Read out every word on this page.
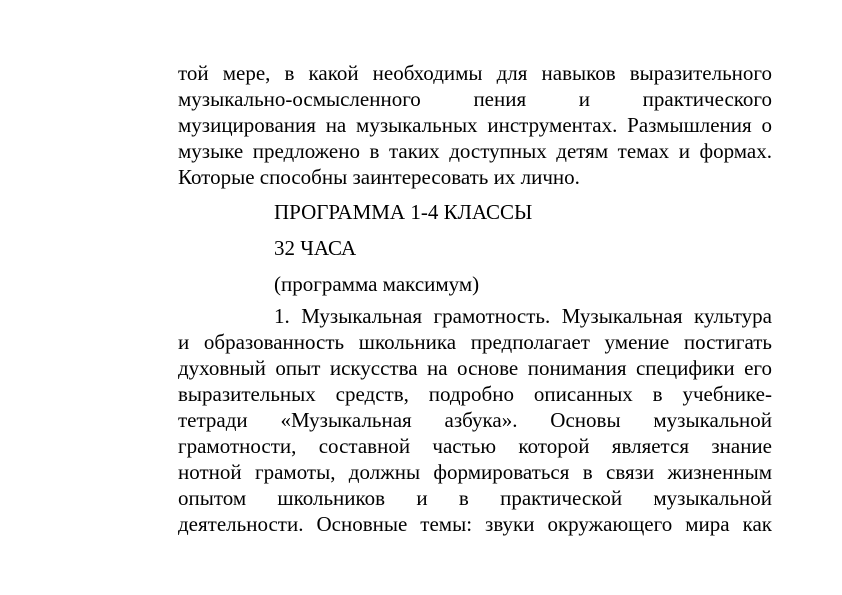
той мере, в какой необходимы для навыков выразительного
музыкально-осмысленного пения и практического
музицирования на музыкальных инструментах. Размышления о
музыке предложено в таких доступных детям темах и формах.
Которые способны заинтересовать их лично.
ПРОГРАММА 1-4 КЛАССЫ
32 ЧАСА
(программа максимум)
1. Музыкальная грамотность. Музыкальная культура
и образованность школьника предполагает умение постигать
духовный опыт искусства на основе понимания специфики его
выразительных средств, подробно описанных в учебнике-
тетради «Музыкальная азбука». Основы музыкальной
грамотности, составной частью которой является знание
нотной грамоты, должны формироваться в связи жизненным
опытом школьников и в практической музыкальной
деятельности. Основные темы: звуки окружающего мира как
